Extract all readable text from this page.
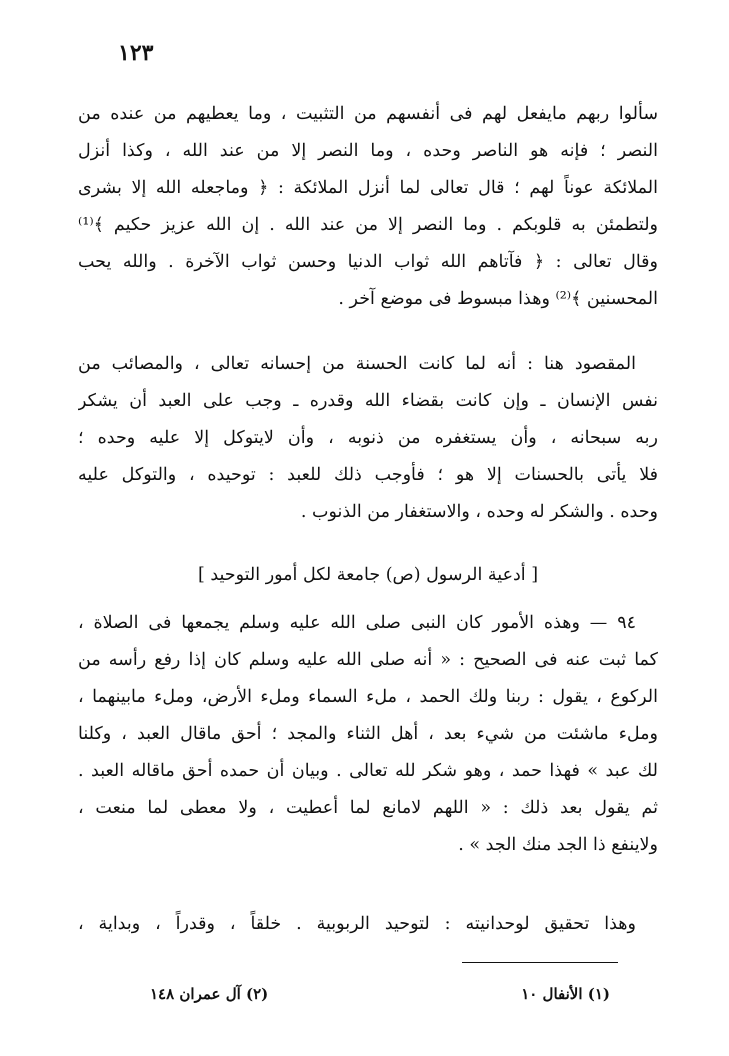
١٢٣
سألوا ربهم مايفعل لهم فى أنفسهم من التثبيت ، وما يعطيهم من عنده من
النصر ؛ فإنه هو الناصر وحده ، وما النصر إلا من عند الله ، وكذا أنزل
الملائكة عوناً لهم ؛ قال تعالى لما أنزل الملائكة : ﴿ وماجعله الله إلا بشرى
ولتطمئن به قلوبكم . وما النصر إلا من عند الله . إن الله عزيز حكيم ﴾⁽¹⁾
وقال تعالى : ﴿ فآتاهم الله ثواب الدنيا وحسن ثواب الآخرة . والله يحب
المحسنين ﴾⁽²⁾ وهذا مبسوط فى موضع آخر .
المقصود هنا : أنه لما كانت الحسنة من إحسانه تعالى ، والمصائب من
نفس الإنسان ـ وإن كانت بقضاء الله وقدره ـ وجب على العبد أن يشكر
ربه سبحانه ، وأن يستغفره من ذنوبه ، وأن لايتوكل إلا عليه وحده ؛
فلا يأتى بالحسنات إلا هو ؛ فأوجب ذلك للعبد : توحيده ، والتوكل عليه
وحده . والشكر له وحده ، والاستغفار من الذنوب .
[ أدعية الرسول (ص) جامعة لكل أمور التوحيد ]
٩٤ — وهذه الأمور كان النبى صلى الله عليه وسلم يجمعها فى الصلاة ،
كما ثبت عنه فى الصحيح : « أنه صلى الله عليه وسلم كان إذا رفع رأسه من
الركوع ، يقول : ربنا ولك الحمد ، ملء السماء وملء الأرض، وملء مابينهما ،
وملء ماشئت من شيء بعد ، أهل الثناء والمجد ؛ أحق ماقال العبد ، وكلنا
لك عبد » فهذا حمد ، وهو شكر لله تعالى . وبيان أن حمده أحق ماقاله العبد .
ثم يقول بعد ذلك : « اللهم لامانع لما أعطيت ، ولا معطى لما منعت ،
ولاينفع ذا الجد منك الجد » .
وهذا تحقيق لوحدانيته : لتوحيد الربوبية . خلقاً ، وقدراً ، وبداية ،
(١) الأنفال ١٠
(٢) آل عمران ١٤٨
